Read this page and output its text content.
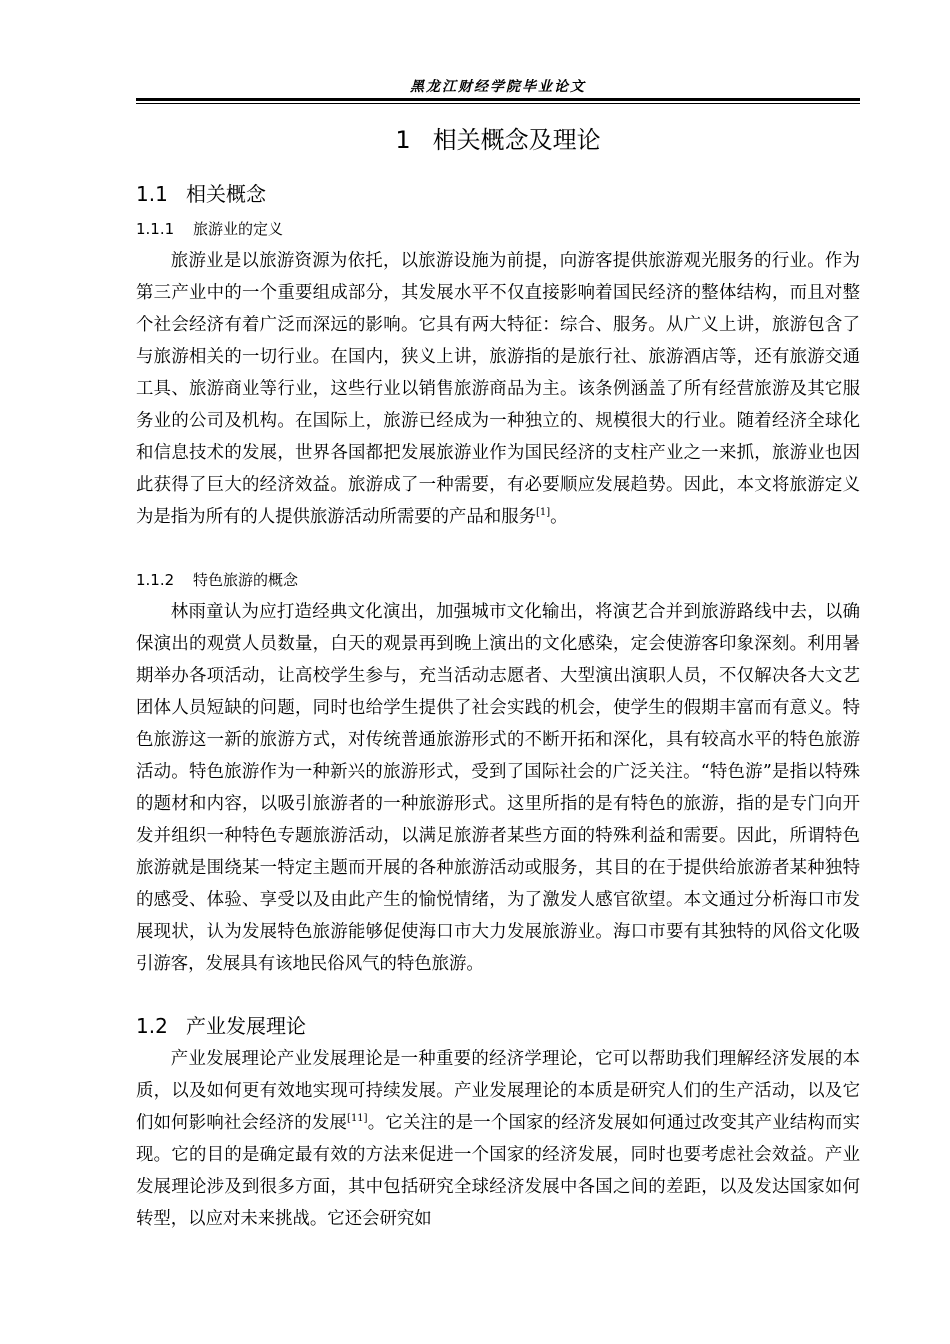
黑龙江财经学院毕业论文
1 相关概念及理论
1.1 相关概念
1.1.1 旅游业的定义

旅游业是以旅游资源为依托，以旅游设施为前提，向游客提供旅游观光服务的行业。作为第三产业中的一个重要组成部分，其发展水平不仅直接影响着国民经济的整体结构，而且对整个社会经济有着广泛而深远的影响。它具有两大特征：综合、服务。从广义上讲，旅游包含了与旅游相关的一切行业。在国内，狭义上讲，旅游指的是旅行社、旅游酒店等，还有旅游交通工具、旅游商业等行业，这些行业以销售旅游商品为主。该条例涵盖了所有经营旅游及其它服务业的公司及机构。在国际上，旅游已经成为一种独立的、规模很大的行业。随着经济全球化和信息技术的发展，世界各国都把发展旅游业作为国民经济的支柱产业之一来抓，旅游业也因此获得了巨大的经济效益。旅游成了一种需要，有必要顺应发展趋势。因此，本文将旅游定义为是指为所有的人提供旅游活动所需要的产品和服务[1]。

1.1.2 特色旅游的概念

林雨童认为应打造经典文化演出，加强城市文化输出，将演艺合并到旅游路线中去，以确保演出的观赏人员数量，白天的观景再到晚上演出的文化感染，定会使游客印象深刻。利用暑期举办各项活动，让高校学生参与，充当活动志愿者、大型演出演职人员，不仅解决各大文艺团体人员短缺的问题，同时也给学生提供了社会实践的机会，使学生的假期丰富而有意义。特色旅游这一新的旅游方式，对传统普通旅游形式的不断开拓和深化，具有较高水平的特色旅游活动。特色旅游作为一种新兴的旅游形式，受到了国际社会的广泛关注。“特色游”是指以特殊的题材和内容，以吸引旅游者的一种旅游形式。这里所指的是有特色的旅游，指的是专门向开发并组织一种特色专题旅游活动，以满足旅游者某些方面的特殊利益和需要。因此，所谓特色旅游就是围绕某一特定主题而开展的各种旅游活动或服务，其目的在于提供给旅游者某种独特的感受、体验、享受以及由此产生的愉悦情绪，为了激发人感官欲望。本文通过分析海口市发展现状，认为发展特色旅游能够促使海口市大力发展旅游业。海口市要有其独特的风俗文化吸引游客，发展具有该地民俗风气的特色旅游。

1.2 产业发展理论

产业发展理论产业发展理论是一种重要的经济学理论，它可以帮助我们理解经济发展的本质，以及如何更有效地实现可持续发展。产业发展理论的本质是研究人们的生产活动，以及它们如何影响社会经济的发展[11]。它关注的是一个国家的经济发展如何通过改变其产业结构而实现。它的目的是确定最有效的方法来促进一个国家的经济发展，同时也要考虑社会效益。产业发展理论涉及到很多方面，其中包括研究全球经济发展中各国之间的差距，以及发达国家如何转型，以应对未来挑战。它还会研究如
